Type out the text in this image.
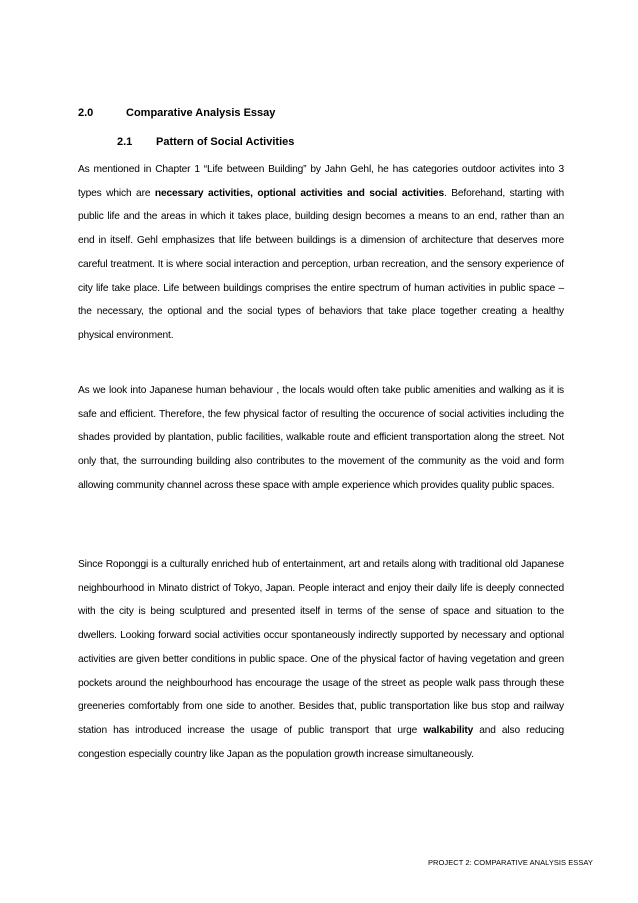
2.0	Comparative Analysis Essay
2.1 Pattern of Social Activities

As mentioned in Chapter 1 “Life between Building” by Jahn Gehl, he has categories outdoor activites into 3 types which are necessary activities, optional activities and social activities. Beforehand, starting with public life and the areas in which it takes place, building design becomes a means to an end, rather than an end in itself. Gehl emphasizes that life between buildings is a dimension of architecture that deserves more careful treatment. It is where social interaction and perception, urban recreation, and the sensory experience of city life take place. Life between buildings comprises the entire spectrum of human activities in public space – the necessary, the optional and the social types of behaviors that take place together creating a healthy physical environment.

As we look into Japanese human behaviour , the locals would often take public amenities and walking as it is safe and efficient. Therefore, the few physical factor of resulting the occurence of social activities including the shades provided by plantation, public facilities, walkable route and efficient transportation along the street. Not only that, the surrounding building also contributes to the movement of the community as the void and form allowing community channel across these space with ample experience which provides quality public spaces.

Since Roponggi is a culturally enriched hub of entertainment, art and retails along with traditional old Japanese neighbourhood in Minato district of Tokyo, Japan. People interact and enjoy their daily life is deeply connected with the city is being sculptured and presented itself in terms of the sense of space and situation to the dwellers. Looking forward social activities occur spontaneously indirectly supported by necessary and optional activities are given better conditions in public space. One of the physical factor of having vegetation and green pockets around the neighbourhood has encourage the usage of the street as people walk pass through these greeneries comfortably from one side to another. Besides that, public transportation like bus stop and railway station has introduced increase the usage of public transport that urge walkability and also reducing congestion especially country like Japan as the population growth increase simultaneously.

PROJECT 2: COMPARATIVE ANALYSIS ESSAY
